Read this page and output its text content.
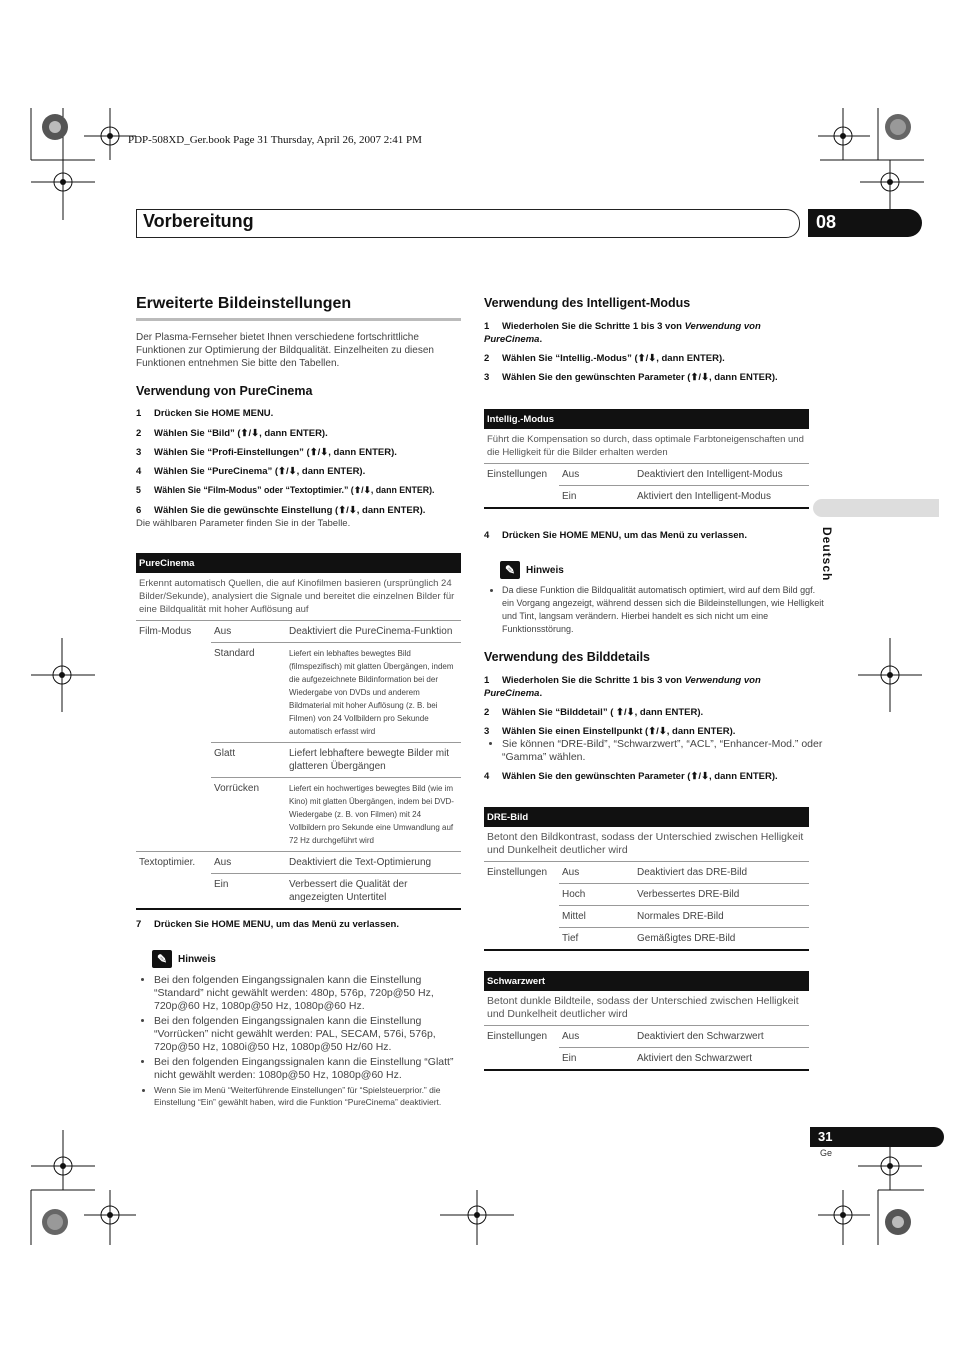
PDP-508XD_Ger.book Page 31 Thursday, April 26, 2007 2:41 PM
Vorbereitung	08
Deutsch
Erweiterte Bildeinstellungen
Der Plasma-Fernseher bietet Ihnen verschiedene fortschrittliche Funktionen zur Optimierung der Bildqualität. Einzelheiten zu diesen Funktionen entnehmen Sie bitte den Tabellen.
Verwendung von PureCinema
1 Drücken Sie HOME MENU.
2 Wählen Sie “Bild” (⬆/⬇, dann ENTER).
3 Wählen Sie “Profi-Einstellungen” (⬆/⬇, dann ENTER).
4 Wählen Sie “PureCinema” (⬆/⬇, dann ENTER).
5 Wählen Sie “Film-Modus” oder “Textoptimier.” (⬆/⬇, dann ENTER).
6 Wählen Sie die gewünschte Einstellung (⬆/⬇, dann ENTER).
Die wählbaren Parameter finden Sie in der Tabelle.
PureCinema		
Erkennt automatisch Quellen, die auf Kinofilmen basieren (ursprünglich 24 Bilder/Sekunde), analysiert die Signale und bereitet die einzelnen Bilder für eine Bildqualität mit hoher Auflösung auf		
Film-Modus	Aus	Deaktiviert die PureCinema-Funktion
	Standard	Liefert ein lebhaftes bewegtes Bild (filmspezifisch) mit glatten Übergängen, indem die aufgezeichnete Bildinformation bei der Wiedergabe von DVDs und anderem Bildmaterial mit hoher Auflösung (z. B. bei Filmen) von 24 Vollbildern pro Sekunde automatisch erfasst wird
	Glatt	Liefert lebhaftere bewegte Bilder mit glatteren Übergängen
	Vorrücken	Liefert ein hochwertiges bewegtes Bild (wie im Kino) mit glatten Übergängen, indem bei DVD-Wiedergabe (z. B. von Filmen) mit 24 Vollbildern pro Sekunde eine Umwandlung auf 72 Hz durchgeführt wird
Textoptimier.	Aus	Deaktiviert die Text-Optimierung
	Ein	Verbessert die Qualität der angezeigten Untertitel
7 Drücken Sie HOME MENU, um das Menü zu verlassen.
✎	Hinweis
• Bei den folgenden Eingangssignalen kann die Einstellung “Standard” nicht gewählt werden: 480p, 576p, 720p@50 Hz, 720p@60 Hz, 1080p@50 Hz, 1080p@60 Hz.
• Bei den folgenden Eingangssignalen kann die Einstellung “Vorrücken” nicht gewählt werden: PAL, SECAM, 576i, 576p, 720p@50 Hz, 1080i@50 Hz, 1080p@50 Hz/60 Hz.
• Bei den folgenden Eingangssignalen kann die Einstellung “Glatt” nicht gewählt werden: 1080p@50 Hz, 1080p@60 Hz.
• Wenn Sie im Menü “Weiterführende Einstellungen” für “Spielsteuerprior.” die Einstellung “Ein” gewählt haben, wird die Funktion “PureCinema” deaktiviert.
Verwendung des Intelligent-Modus
1 Wiederholen Sie die Schritte 1 bis 3 von Verwendung von PureCinema.
2 Wählen Sie “Intellig.-Modus” (⬆/⬇, dann ENTER).
3 Wählen Sie den gewünschten Parameter (⬆/⬇, dann ENTER).
Intellig.-Modus		
Führt die Kompensation so durch, dass optimale Farbtoneigenschaften und die Helligkeit für die Bilder erhalten werden		
Einstellungen	Aus	Deaktiviert den Intelligent-Modus
	Ein	Aktiviert den Intelligent-Modus
4 Drücken Sie HOME MENU, um das Menü zu verlassen.
✎	Hinweis
• Da diese Funktion die Bildqualität automatisch optimiert, wird auf dem Bild ggf. ein Vorgang angezeigt, während dessen sich die Bildeinstellungen, wie Helligkeit und Tint, langsam verändern. Hierbei handelt es sich nicht um eine Funktionsstörung.
Verwendung des Bilddetails
1 Wiederholen Sie die Schritte 1 bis 3 von Verwendung von PureCinema.
2 Wählen Sie “Bilddetail” ( ⬆/⬇, dann ENTER).
3 Wählen Sie einen Einstellpunkt (⬆/⬇, dann ENTER).
• Sie können “DRE-Bild”, “Schwarzwert”, “ACL”, “Enhancer-Mod.” oder “Gamma” wählen.
4 Wählen Sie den gewünschten Parameter (⬆/⬇, dann ENTER).
DRE-Bild		
Betont den Bildkontrast, sodass der Unterschied zwischen Helligkeit und Dunkelheit deutlicher wird		
Einstellungen	Aus	Deaktiviert das DRE-Bild
	Hoch	Verbessertes DRE-Bild
	Mittel	Normales DRE-Bild
	Tief	Gemäßigtes DRE-Bild
Schwarzwert		
Betont dunkle Bildteile, sodass der Unterschied zwischen Helligkeit und Dunkelheit deutlicher wird		
Einstellungen	Aus	Deaktiviert den Schwarzwert
	Ein	Aktiviert den Schwarzwert
31
Ge
